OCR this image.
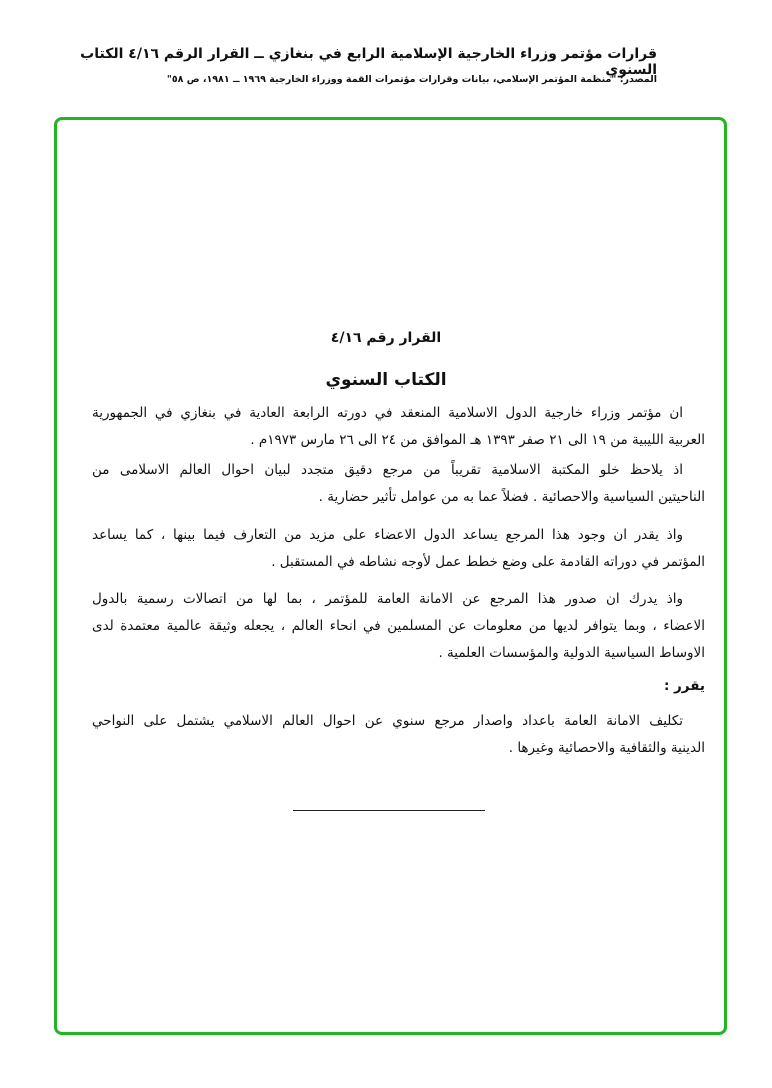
قرارات مؤتمر وزراء الخارجية الإسلامية الرابع في بنغازي ــ القرار الرقم ٤/١٦ الكتاب السنوي
المصدر: "منظمة المؤتمر الإسلامي، بيانات وقرارات مؤتمرات القمة ووزراء الخارجية ١٩٦٩ ــ ١٩٨١، ص ٥٨"
القرار رقم ٤/١٦
الكتاب السنوي
ان مؤتمر وزراء خارجية الدول الاسلامية المنعقد في دورته الرابعة العادية في بنغازي في الجمهورية
العربية الليبية من ١٩ الى ٢١ صفر ١٣٩٣ هـ الموافق من ٢٤ الى ٢٦ مارس ١٩٧٣م .
اذ يلاحظ خلو المكتبة الاسلامية تقريباً من مرجع دقيق متجدد لبيان احوال العالم الاسلامى من
الناحيتين السياسية والاحصائية . فضلاً عما به من عوامل تأثير حضارية .
واذ يقدر ان وجود هذا المرجع يساعد الدول الاعضاء على مزيد من التعارف فيما بينها ، كما يساعد
المؤتمر في دوراته القادمة على وضع خطط عمل لأوجه نشاطه في المستقبل .
واذ يدرك ان صدور هذا المرجع عن الامانة العامة للمؤتمر ، بما لها من اتصالات رسمية بالدول
الاعضاء ، وبما يتوافر لديها من معلومات عن المسلمين في انحاء العالم ، يجعله وثيقة عالمية معتمدة لدى
الاوساط السياسية الدولية والمؤسسات العلمية .
يقرر :
تكليف الامانة العامة باعداد واصدار مرجع سنوي عن احوال العالم الاسلامي يشتمل على النواحي
الدينية والثقافية والاحصائية وغيرها .
